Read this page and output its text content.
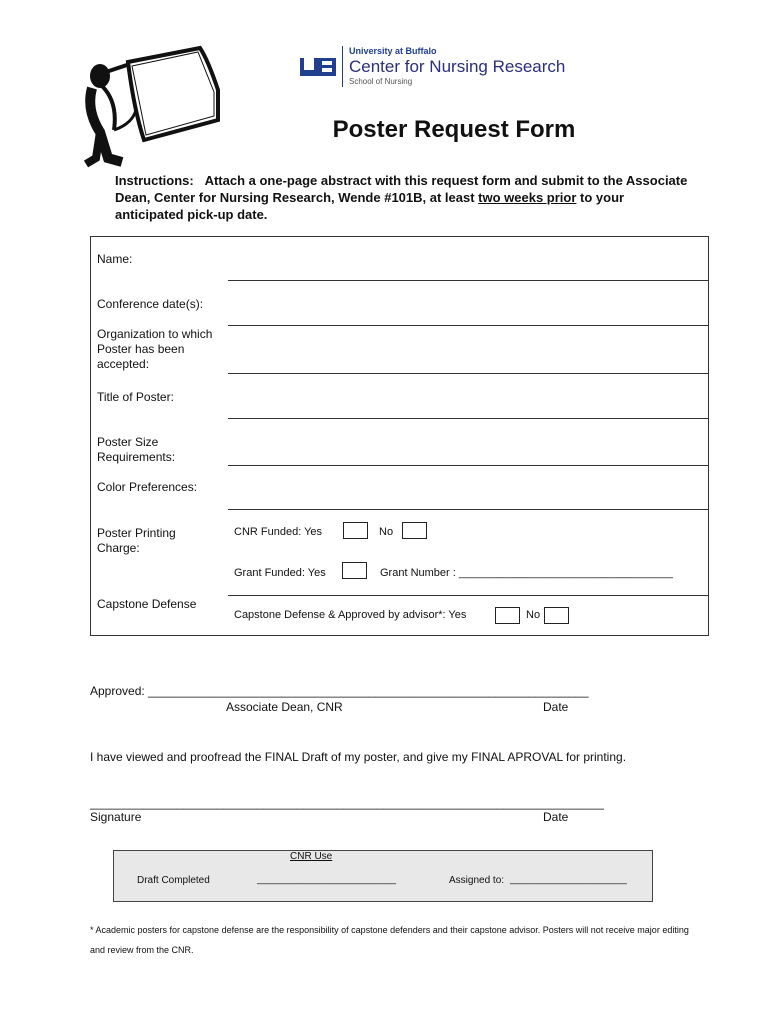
University at Buffalo
Center for Nursing Research
School of Nursing
Poster Request Form
Instructions: Attach a one-page abstract with this request form and submit to the Associate Dean, Center for Nursing Research, Wende #101B, at least two weeks prior to your anticipated pick-up date.
Name:
Conference date(s):
Organization to which Poster has been accepted:
Title of Poster:
Poster Size Requirements:
Color Preferences:
Poster Printing Charge:
CNR Funded: Yes	No
Grant Funded: Yes	Grant Number : ___________________________________
Capstone Defense
Capstone Defense & Approved by advisor*: Yes	No
Approved: __________________________________________________________________
Associate Dean, CNR	Date
I have viewed and proofread the FINAL Draft of my poster, and give my FINAL APROVAL for printing.
_____________________________________________________________________________
Signature	Date
CNR Use
Draft Completed	_________________________	Assigned to: _____________________
* Academic posters for capstone defense are the responsibility of capstone defenders and their capstone advisor. Posters will not receive major editing and review from the CNR.
